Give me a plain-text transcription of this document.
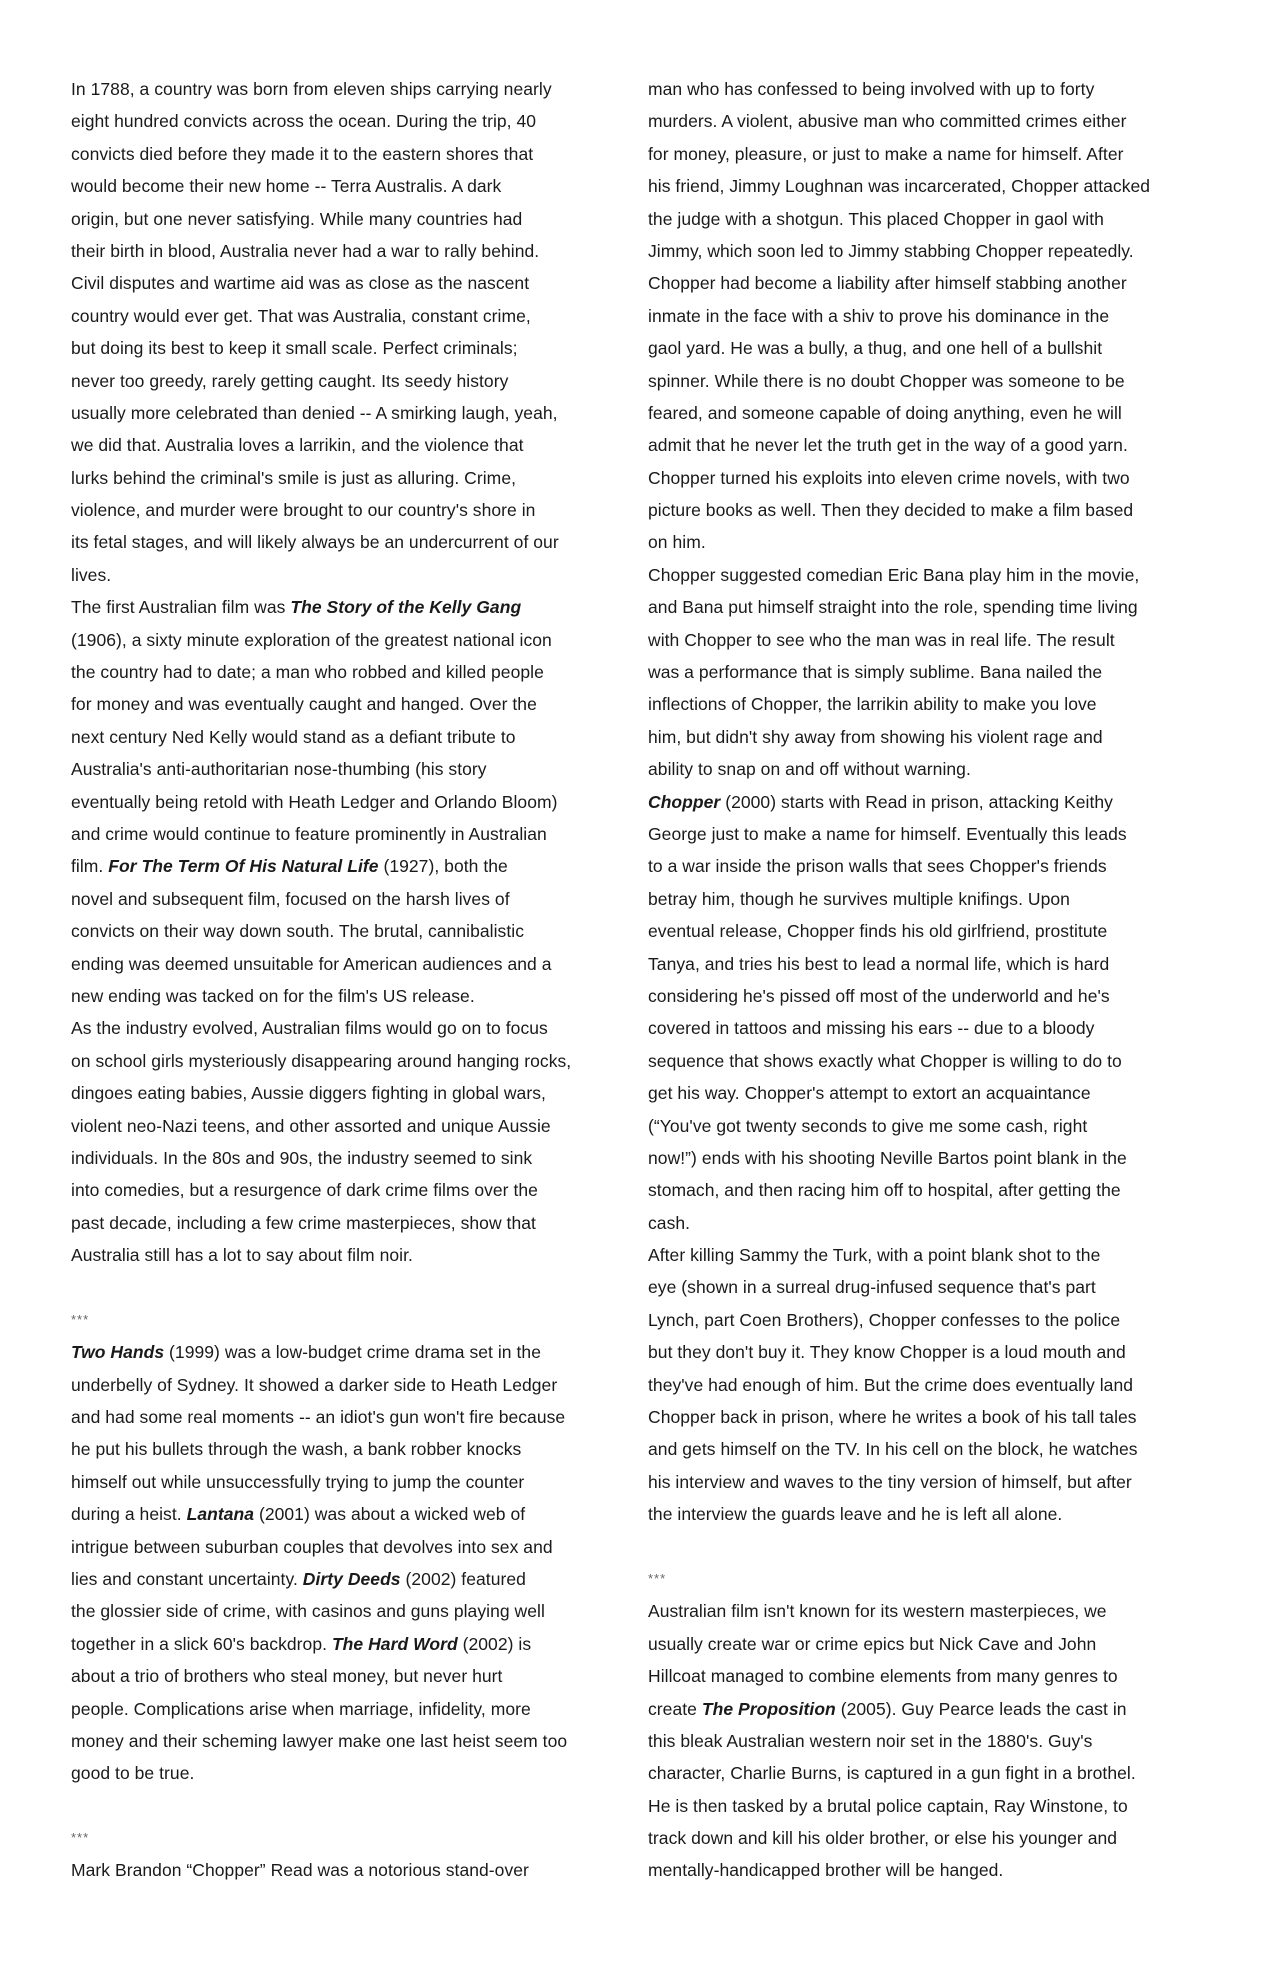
In 1788, a country was born from eleven ships carrying nearly
eight hundred convicts across the ocean. During the trip, 40
convicts died before they made it to the eastern shores that
would become their new home -- Terra Australis. A dark
origin, but one never satisfying. While many countries had
their birth in blood, Australia never had a war to rally behind.
Civil disputes and wartime aid was as close as the nascent
country would ever get. That was Australia, constant crime,
but doing its best to keep it small scale. Perfect criminals;
never too greedy, rarely getting caught. Its seedy history
usually more celebrated than denied -- A smirking laugh, yeah,
we did that. Australia loves a larrikin, and the violence that
lurks behind the criminal's smile is just as alluring. Crime,
violence, and murder were brought to our country's shore in
its fetal stages, and will likely always be an undercurrent of our
lives.
The first Australian film was The Story of the Kelly Gang
(1906), a sixty minute exploration of the greatest national icon
the country had to date; a man who robbed and killed people
for money and was eventually caught and hanged. Over the
next century Ned Kelly would stand as a defiant tribute to
Australia's anti-authoritarian nose-thumbing (his story
eventually being retold with Heath Ledger and Orlando Bloom)
and crime would continue to feature prominently in Australian
film. For The Term Of His Natural Life (1927), both the
novel and subsequent film, focused on the harsh lives of
convicts on their way down south. The brutal, cannibalistic
ending was deemed unsuitable for American audiences and a
new ending was tacked on for the film's US release.
As the industry evolved, Australian films would go on to focus
on school girls mysteriously disappearing around hanging rocks,
dingoes eating babies, Aussie diggers fighting in global wars,
violent neo-Nazi teens, and other assorted and unique Aussie
individuals. In the 80s and 90s, the industry seemed to sink
into comedies, but a resurgence of dark crime films over the
past decade, including a few crime masterpieces, show that
Australia still has a lot to say about film noir.
***
Two Hands (1999) was a low-budget crime drama set in the
underbelly of Sydney. It showed a darker side to Heath Ledger
and had some real moments -- an idiot's gun won't fire because
he put his bullets through the wash, a bank robber knocks
himself out while unsuccessfully trying to jump the counter
during a heist. Lantana (2001) was about a wicked web of
intrigue between suburban couples that devolves into sex and
lies and constant uncertainty. Dirty Deeds (2002) featured
the glossier side of crime, with casinos and guns playing well
together in a slick 60's backdrop. The Hard Word (2002) is
about a trio of brothers who steal money, but never hurt
people. Complications arise when marriage, infidelity, more
money and their scheming lawyer make one last heist seem too
good to be true.
***
Mark Brandon “Chopper” Read was a notorious stand-over
man who has confessed to being involved with up to forty
murders. A violent, abusive man who committed crimes either
for money, pleasure, or just to make a name for himself. After
his friend, Jimmy Loughnan was incarcerated, Chopper attacked
the judge with a shotgun. This placed Chopper in gaol with
Jimmy, which soon led to Jimmy stabbing Chopper repeatedly.
Chopper had become a liability after himself stabbing another
inmate in the face with a shiv to prove his dominance in the
gaol yard. He was a bully, a thug, and one hell of a bullshit
spinner. While there is no doubt Chopper was someone to be
feared, and someone capable of doing anything, even he will
admit that he never let the truth get in the way of a good yarn.
Chopper turned his exploits into eleven crime novels, with two
picture books as well. Then they decided to make a film based
on him.
Chopper suggested comedian Eric Bana play him in the movie,
and Bana put himself straight into the role, spending time living
with Chopper to see who the man was in real life. The result
was a performance that is simply sublime. Bana nailed the
inflections of Chopper, the larrikin ability to make you love
him, but didn't shy away from showing his violent rage and
ability to snap on and off without warning.
Chopper (2000) starts with Read in prison, attacking Keithy
George just to make a name for himself. Eventually this leads
to a war inside the prison walls that sees Chopper's friends
betray him, though he survives multiple knifings. Upon
eventual release, Chopper finds his old girlfriend, prostitute
Tanya, and tries his best to lead a normal life, which is hard
considering he's pissed off most of the underworld and he's
covered in tattoos and missing his ears -- due to a bloody
sequence that shows exactly what Chopper is willing to do to
get his way. Chopper's attempt to extort an acquaintance
(“You've got twenty seconds to give me some cash, right
now!”) ends with his shooting Neville Bartos point blank in the
stomach, and then racing him off to hospital, after getting the
cash.
After killing Sammy the Turk, with a point blank shot to the
eye (shown in a surreal drug-infused sequence that's part
Lynch, part Coen Brothers), Chopper confesses to the police
but they don't buy it. They know Chopper is a loud mouth and
they've had enough of him. But the crime does eventually land
Chopper back in prison, where he writes a book of his tall tales
and gets himself on the TV. In his cell on the block, he watches
his interview and waves to the tiny version of himself, but after
the interview the guards leave and he is left all alone.
***
Australian film isn't known for its western masterpieces, we
usually create war or crime epics but Nick Cave and John
Hillcoat managed to combine elements from many genres to
create The Proposition (2005). Guy Pearce leads the cast in
this bleak Australian western noir set in the 1880's. Guy's
character, Charlie Burns, is captured in a gun fight in a brothel.
He is then tasked by a brutal police captain, Ray Winstone, to
track down and kill his older brother, or else his younger and
mentally-handicapped brother will be hanged.
